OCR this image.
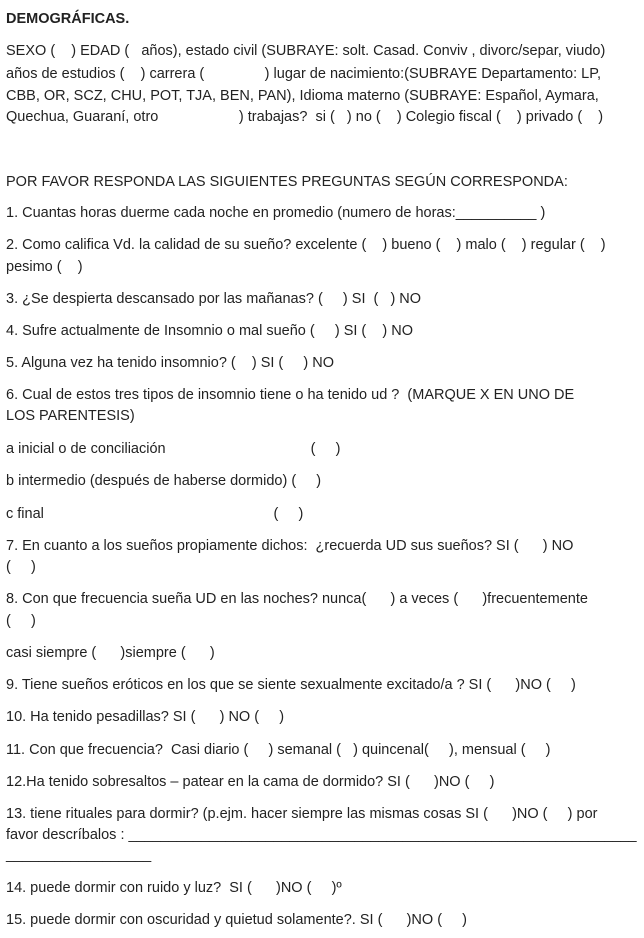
DEMOGRÁFICAS.
SEXO (    ) EDAD (   años), estado civil (SUBRAYE: solt. Casad. Conviv , divorc/separ, viudo)
años de estudios (    ) carrera (               ) lugar de nacimiento:(SUBRAYE Departamento: LP,
CBB, OR, SCZ, CHU, POT, TJA, BEN, PAN), Idioma materno (SUBRAYE: Español, Aymara,
Quechua, Guaraní, otro                    ) trabajas?  si (   ) no (    ) Colegio fiscal (    ) privado (    )
POR FAVOR RESPONDA LAS SIGUIENTES PREGUNTAS SEGÚN CORRESPONDA:
1. Cuantas horas duerme cada noche en promedio (numero de horas:__________ )
2. Como califica Vd. la calidad de su sueño? excelente (    ) bueno (    ) malo (    ) regular (    )
pesimo (    )
3. ¿Se despierta descansado por las mañanas? (     ) SI  (   ) NO
4. Sufre actualmente de Insomnio o mal sueño (     ) SI (    ) NO
5. Alguna vez ha tenido insomnio? (    ) SI (     ) NO
6. Cual de estos tres tipos de insomnio tiene o ha tenido ud ?  (MARQUE X EN UNO DE
LOS PARENTESIS)
a inicial o de conciliación                                    (     )
b intermedio (después de haberse dormido) (     )
c final                                                         (     )
7. En cuanto a los sueños propiamente dichos:  ¿recuerda UD sus sueños? SI (      ) NO
(     )
8. Con que frecuencia sueña UD en las noches? nunca(      ) a veces (      )frecuentemente
(     )
casi siempre (      )siempre (      )
9. Tiene sueños eróticos en los que se siente sexualmente excitado/a ? SI (      )NO (     )
10. Ha tenido pesadillas? SI (      ) NO (     )
11. Con que frecuencia?  Casi diario (     ) semanal (   ) quincenal(     ), mensual (     )
12.Ha tenido sobresaltos – patear en la cama de dormido? SI (      )NO (     )
13. tiene rituales para dormir? (p.ejm. hacer siempre las mismas cosas SI (      )NO (     ) por
favor descríbalos : _______________________________________________________________
__________________
14. puede dormir con ruido y luz?  SI (      )NO (     )º
15. puede dormir con oscuridad y quietud solamente?. SI (      )NO (     )
